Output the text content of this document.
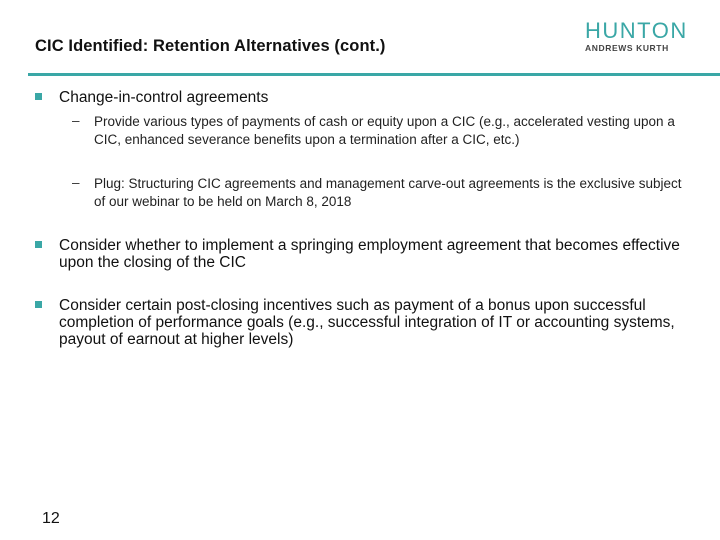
CIC Identified: Retention Alternatives (cont.)
HUNTON
ANDREWS KURTH
Change-in-control agreements
– Provide various types of payments of cash or equity upon a CIC (e.g., accelerated vesting upon a CIC, enhanced severance benefits upon a termination after a CIC, etc.)
– Plug: Structuring CIC agreements and management carve-out agreements is the exclusive subject of our webinar to be held on March 8, 2018
Consider whether to implement a springing employment agreement that becomes effective upon the closing of the CIC
Consider certain post-closing incentives such as payment of a bonus upon successful completion of performance goals (e.g., successful integration of IT or accounting systems, payout of earnout at higher levels)
12
